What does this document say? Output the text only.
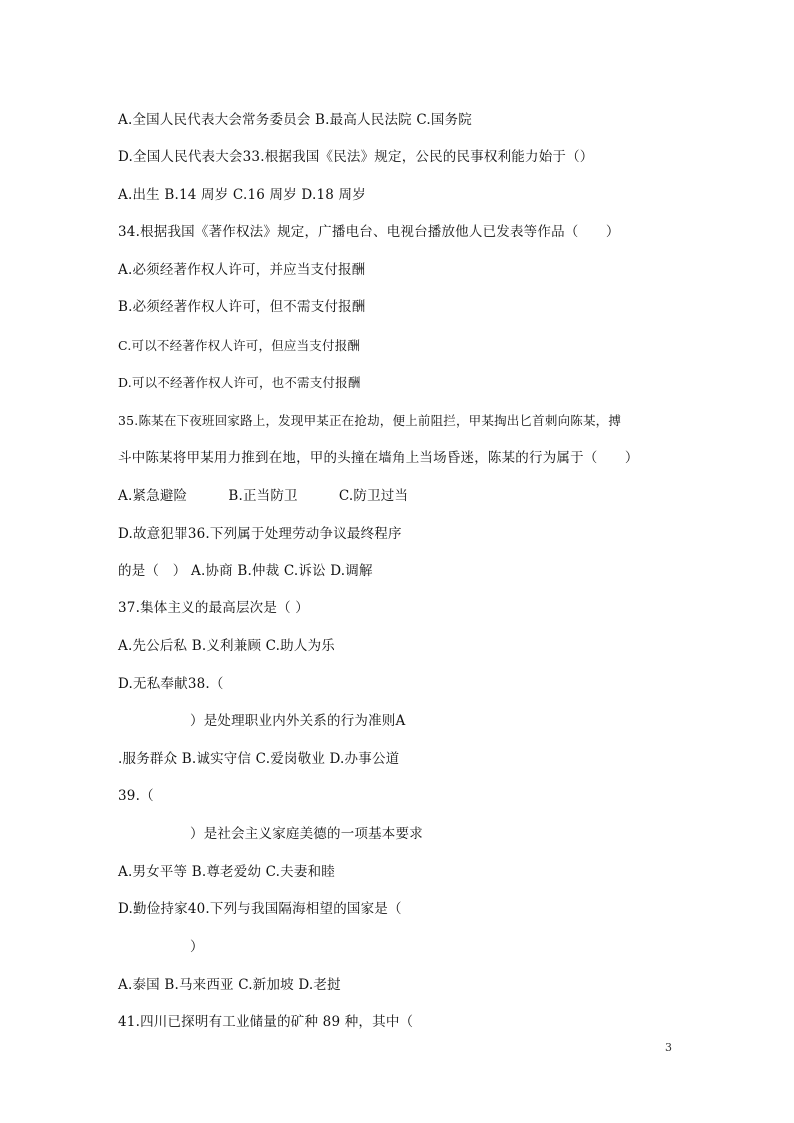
A.全国人民代表大会常务委员会 B.最高人民法院 C.国务院
D.全国人民代表大会33.根据我国《民法》规定，公民的民事权利能力始于（）
A.出生 B.14 周岁 C.16 周岁 D.18 周岁
34.根据我国《著作权法》规定，广播电台、电视台播放他人已发表等作品（　　）
A.必须经著作权人许可，并应当支付报酬
B.必须经著作权人许可，但不需支付报酬
C.可以不经著作权人许可，但应当支付报酬
D.可以不经著作权人许可，也不需支付报酬
35.陈某在下夜班回家路上，发现甲某正在抢劫，便上前阻拦，甲某掏出匕首刺向陈某，搏
斗中陈某将甲某用力推到在地，甲的头撞在墙角上当场昏迷，陈某的行为属于（　　）
A.紧急避险　　　B.正当防卫　　　C.防卫过当
D.故意犯罪36.下列属于处理劳动争议最终程序
的是（　） A.协商 B.仲裁 C.诉讼 D.调解
37.集体主义的最高层次是（ ）
A.先公后私 B.义利兼顾 C.助人为乐
D.无私奉献38.（
）是处理职业内外关系的行为准则A
.服务群众 B.诚实守信 C.爱岗敬业 D.办事公道
39.（
）是社会主义家庭美德的一项基本要求
A.男女平等 B.尊老爱幼 C.夫妻和睦
D.勤俭持家40.下列与我国隔海相望的国家是（
）
A.泰国 B.马来西亚 C.新加坡 D.老挝
41.四川已探明有工业储量的矿种 89 种，其中（
3
